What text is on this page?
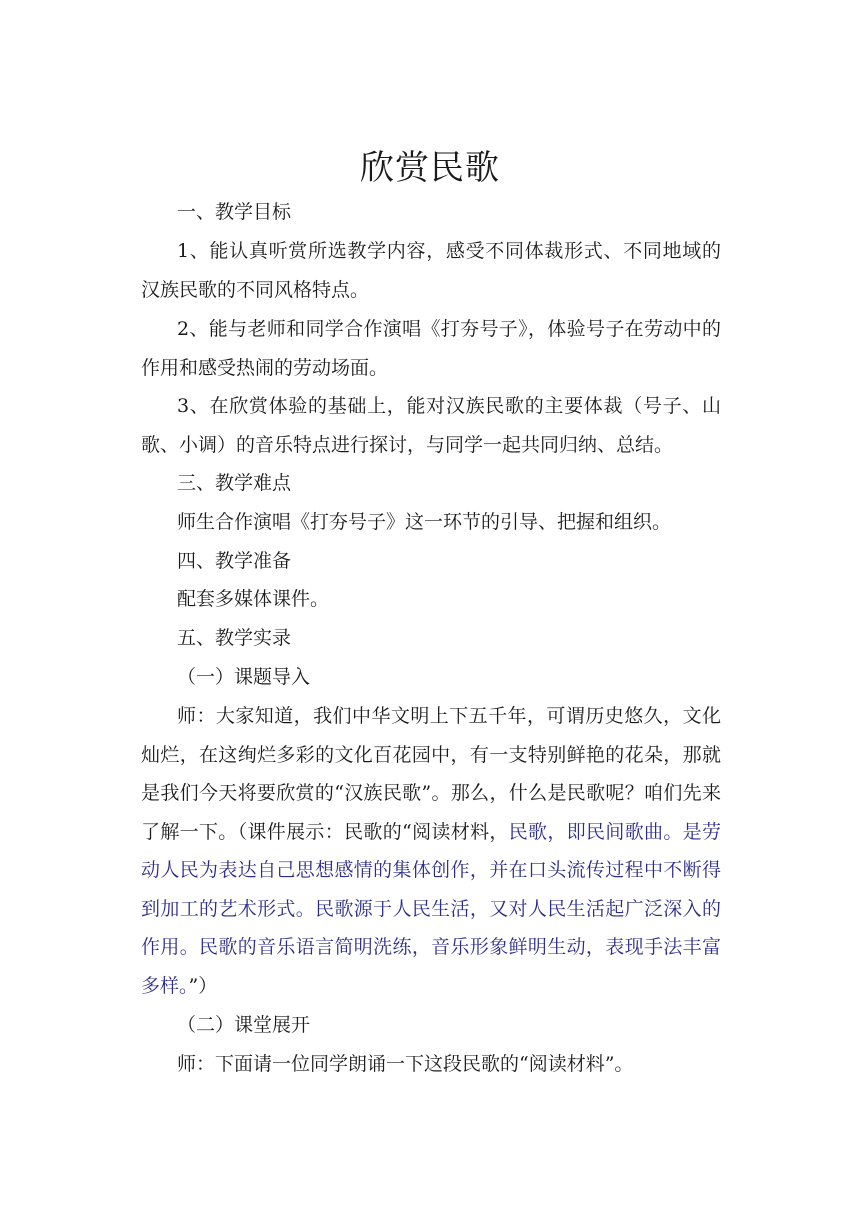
欣赏民歌

一、教学目标

1、能认真听赏所选教学内容，感受不同体裁形式、不同地域的汉族民歌的不同风格特点。

2、能与老师和同学合作演唱《打夯号子》，体验号子在劳动中的作用和感受热闹的劳动场面。

3、在欣赏体验的基础上，能对汉族民歌的主要体裁（号子、山歌、小调）的音乐特点进行探讨，与同学一起共同归纳、总结。

三、教学难点

师生合作演唱《打夯号子》这一环节的引导、把握和组织。

四、教学准备

配套多媒体课件。

五、教学实录

（一）课题导入

师：大家知道，我们中华文明上下五千年，可谓历史悠久，文化灿烂，在这绚烂多彩的文化百花园中，有一支特别鲜艳的花朵，那就是我们今天将要欣赏的“汉族民歌”。那么，什么是民歌呢？咱们先来了解一下。（课件展示：民歌的“阅读材料，民歌，即民间歌曲。是劳动人民为表达自己思想感情的集体创作，并在口头流传过程中不断得到加工的艺术形式。民歌源于人民生活，又对人民生活起广泛深入的作用。民歌的音乐语言简明洗练，音乐形象鲜明生动，表现手法丰富多样。”）

（二）课堂展开

师：下面请一位同学朗诵一下这段民歌的“阅读材料”。
